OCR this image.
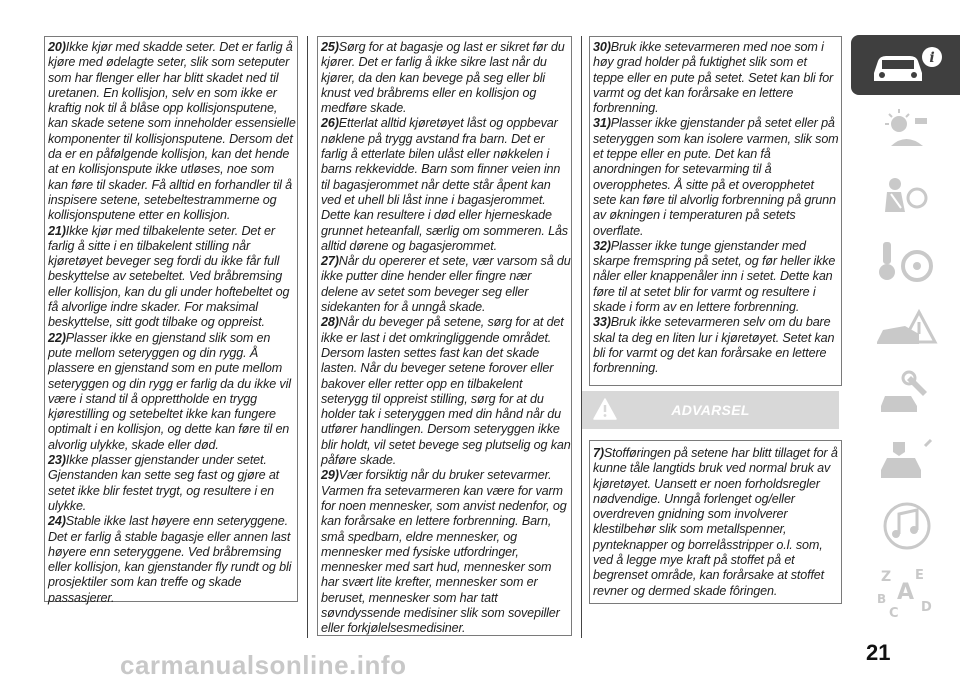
20)Ikke kjør med skadde seter. Det er farlig å kjøre med ødelagte seter, slik som seteputer som har flenger eller har blitt skadet ned til uretanen. En kollisjon, selv en som ikke er kraftig nok til å blåse opp kollisjonsputene, kan skade setene som inneholder essensielle komponenter til kollisjonsputene. Dersom det da er en påfølgende kollisjon, kan det hende at en kollisjonspute ikke utløses, noe som kan føre til skader. Få alltid en forhandler til å inspisere setene, setebeltestrammerne og kollisjonsputene etter en kollisjon.

21)Ikke kjør med tilbakelente seter. Det er farlig å sitte i en tilbakelent stilling når kjøretøyet beveger seg fordi du ikke får full beskyttelse av setebeltet. Ved bråbremsing eller kollisjon, kan du gli under hoftebeltet og få alvorlige indre skader. For maksimal beskyttelse, sitt godt tilbake og oppreist.

22)Plasser ikke en gjenstand slik som en pute mellom seteryggen og din rygg. Å plassere en gjenstand som en pute mellom seteryggen og din rygg er farlig da du ikke vil være i stand til å opprettholde en trygg kjørestilling og setebeltet ikke kan fungere optimalt i en kollisjon, og dette kan føre til en alvorlig ulykke, skade eller død.

23)Ikke plasser gjenstander under setet. Gjenstanden kan sette seg fast og gjøre at setet ikke blir festet trygt, og resultere i en ulykke.

24)Stable ikke last høyere enn seteryggene. Det er farlig å stable bagasje eller annen last høyere enn seteryggene. Ved bråbremsing eller kollisjon, kan gjenstander fly rundt og bli prosjektiler som kan treffe og skade passasjerer.

25)Sørg for at bagasje og last er sikret før du kjører. Det er farlig å ikke sikre last når du kjører, da den kan bevege på seg eller bli knust ved bråbrems eller en kollisjon og medføre skade.

26)Etterlat alltid kjøretøyet låst og oppbevar nøklene på trygg avstand fra barn. Det er farlig å etterlate bilen ulåst eller nøkkelen i barns rekkevidde. Barn som finner veien inn til bagasjerommet når dette står åpent kan ved et uhell bli låst inne i bagasjerommet. Dette kan resultere i død eller hjerneskade grunnet heteanfall, særlig om sommeren. Lås alltid dørene og bagasjerommet.

27)Når du opererer et sete, vær varsom så du ikke putter dine hender eller fingre nær delene av setet som beveger seg eller sidekanten for å unngå skade.

28)Når du beveger på setene, sørg for at det ikke er last i det omkringliggende området. Dersom lasten settes fast kan det skade lasten. Når du beveger setene forover eller bakover eller retter opp en tilbakelent seterygg til oppreist stilling, sørg for at du holder tak i seteryggen med din hånd når du utfører handlingen. Dersom seteryggen ikke blir holdt, vil setet bevege seg plutselig og kan påføre skade.

29)Vær forsiktig når du bruker setevarmer. Varmen fra setevarmeren kan være for varm for noen mennesker, som anvist nedenfor, og kan forårsake en lettere forbrenning. Barn, små spedbarn, eldre mennesker, og mennesker med fysiske utfordringer, mennesker med sart hud, mennesker som har svært lite krefter, mennesker som er beruset, mennesker som har tatt søvndyssende medisiner slik som sovepiller eller forkjølelsesmedisiner.

30)Bruk ikke setevarmeren med noe som i høy grad holder på fuktighet slik som et teppe eller en pute på setet. Setet kan bli for varmt og det kan forårsake en lettere forbrenning.

31)Plasser ikke gjenstander på setet eller på seteryggen som kan isolere varmen, slik som et teppe eller en pute. Det kan få anordningen for setevarming til å overopphetes. Å sitte på et overopphetet sete kan føre til alvorlig forbrenning på grunn av økningen i temperaturen på setets overflate.

32)Plasser ikke tunge gjenstander med skarpe fremspring på setet, og før heller ikke nåler eller knappenåler inn i setet. Dette kan føre til at setet blir for varmt og resultere i skade i form av en lettere forbrenning.

33)Bruk ikke setevarmeren selv om du bare skal ta deg en liten lur i kjøretøyet. Setet kan bli for varmt og det kan forårsake en lettere forbrenning.

ADVARSEL

7)Stofføringen på setene har blitt tillaget for å kunne tåle langtids bruk ved normal bruk av kjøretøyet. Uansett er noen forholdsregler nødvendige. Unngå forlenget og/eller overdreven gnidning som involverer klestilbehør slik som metallspenner, pynteknapper og borrelåsstripper o.l. som, ved å legge mye kraft på stoffet på et begrenset område, kan forårsake at stoffet revner og dermed skade fôringen.

i
Z E
A
B
C D
21
carmanualsonline.info
